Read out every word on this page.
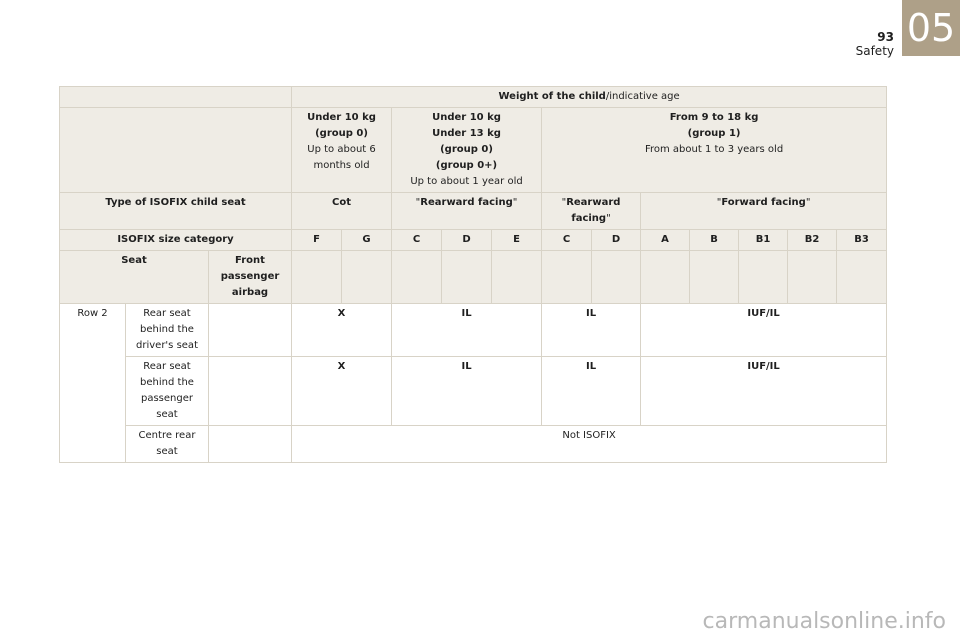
93
Safety
05
			Weight of the child/indicative age											
			Under 10 kg
(group 0)
Up to about 6 months old		Under 10 kg
Under 13 kg
(group 0)
(group 0+)
Up to about 1 year old			From 9 to 18 kg
(group 1)
From about 1 to 3 years old						
Type of ISOFIX child seat			Cot		"Rearward facing"			"Rearward facing"		"Forward facing"				
ISOFIX size category			F	G	C	D	E	C	D	A	B	B1	B2	B3
Seat		Front passenger airbag												
Row 2	Rear seat behind the driver's seat		X		IL			IL		IUF/IL				
	Rear seat behind the passenger seat		X		IL			IL		IUF/IL				
	Centre rear seat		Not ISOFIX											
carmanualsonline.info
